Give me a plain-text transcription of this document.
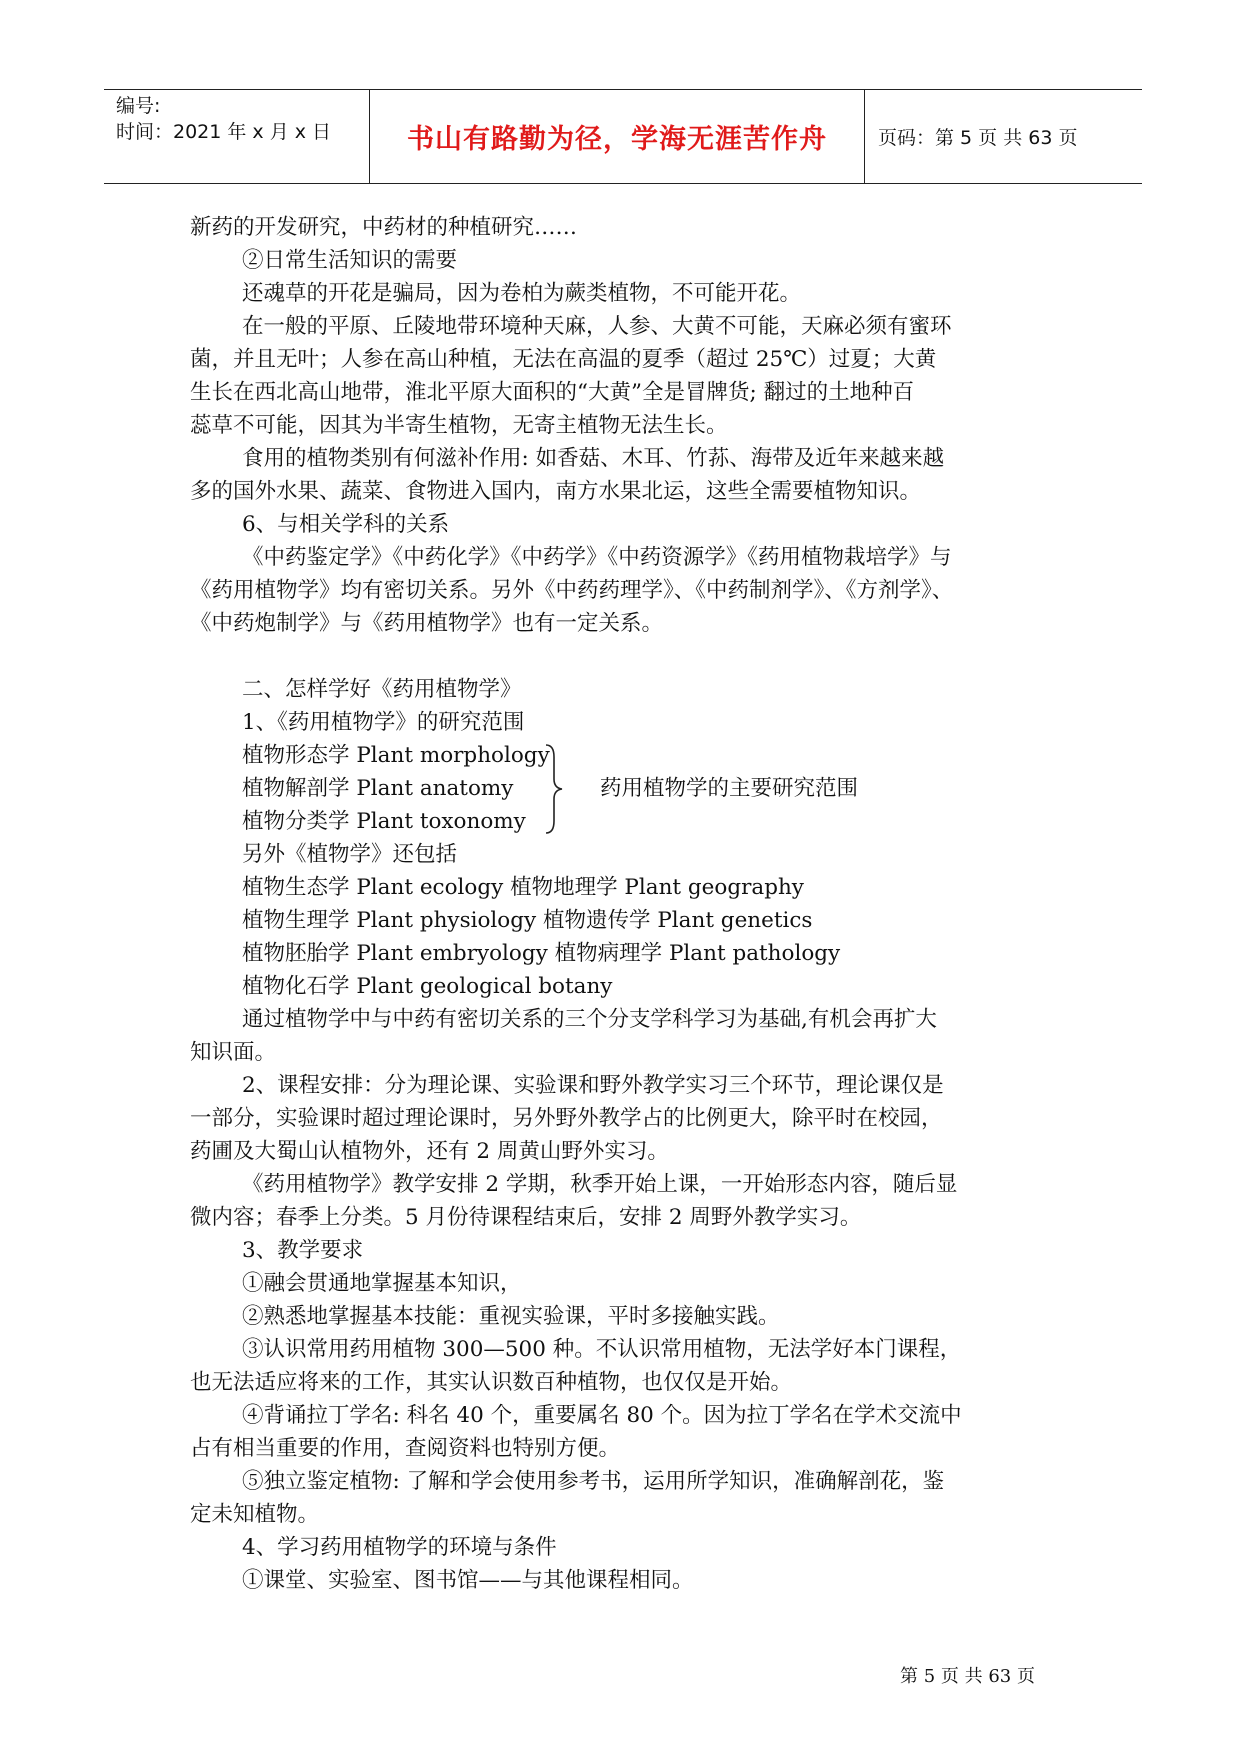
编号:
时间：2021 年 x 月 x 日	书山有路勤为径，学海无涯苦作舟	页码：第 5 页 共 63 页
新药的开发研究，中药材的种植研究……
②日常生活知识的需要
还魂草的开花是骗局，因为卷柏为蕨类植物，不可能开花。
在一般的平原、丘陵地带环境种天麻，人参、大黄不可能，天麻必须有蜜环
菌，并且无叶；人参在高山种植，无法在高温的夏季（超过 25℃）过夏；大黄
生长在西北高山地带，淮北平原大面积的“大黄”全是冒牌货; 翻过的土地种百
蕊草不可能，因其为半寄生植物，无寄主植物无法生长。
食用的植物类别有何滋补作用: 如香菇、木耳、竹荪、海带及近年来越来越
多的国外水果、蔬菜、食物进入国内，南方水果北运，这些全需要植物知识。
6、与相关学科的关系
《中药鉴定学》《中药化学》《中药学》《中药资源学》《药用植物栽培学》与
《药用植物学》均有密切关系。另外《中药药理学》、《中药制剂学》、《方剂学》、
《中药炮制学》与《药用植物学》也有一定关系。
二、怎样学好《药用植物学》
1、《药用植物学》的研究范围
植物形态学 Plant morphology
植物解剖学 Plant anatomy
植物分类学 Plant toxonomy
药用植物学的主要研究范围
另外《植物学》还包括
植物生态学 Plant ecology 植物地理学 Plant geography
植物生理学 Plant physiology 植物遗传学 Plant genetics
植物胚胎学 Plant embryology 植物病理学 Plant pathology
植物化石学 Plant geological botany
通过植物学中与中药有密切关系的三个分支学科学习为基础,有机会再扩大
知识面。
2、课程安排：分为理论课、实验课和野外教学实习三个环节，理论课仅是
一部分，实验课时超过理论课时，另外野外教学占的比例更大，除平时在校园，
药圃及大蜀山认植物外，还有 2 周黄山野外实习。
《药用植物学》教学安排 2 学期，秋季开始上课，一开始形态内容，随后显
微内容；春季上分类。5 月份待课程结束后，安排 2 周野外教学实习。
3、教学要求
①融会贯通地掌握基本知识，
②熟悉地掌握基本技能：重视实验课，平时多接触实践。
③认识常用药用植物 300—500 种。不认识常用植物，无法学好本门课程，
也无法适应将来的工作，其实认识数百种植物，也仅仅是开始。
④背诵拉丁学名: 科名 40 个，重要属名 80 个。因为拉丁学名在学术交流中
占有相当重要的作用，查阅资料也特别方便。
⑤独立鉴定植物: 了解和学会使用参考书，运用所学知识，准确解剖花，鉴
定未知植物。
4、学习药用植物学的环境与条件
①课堂、实验室、图书馆——与其他课程相同。
第 5 页 共 63 页
